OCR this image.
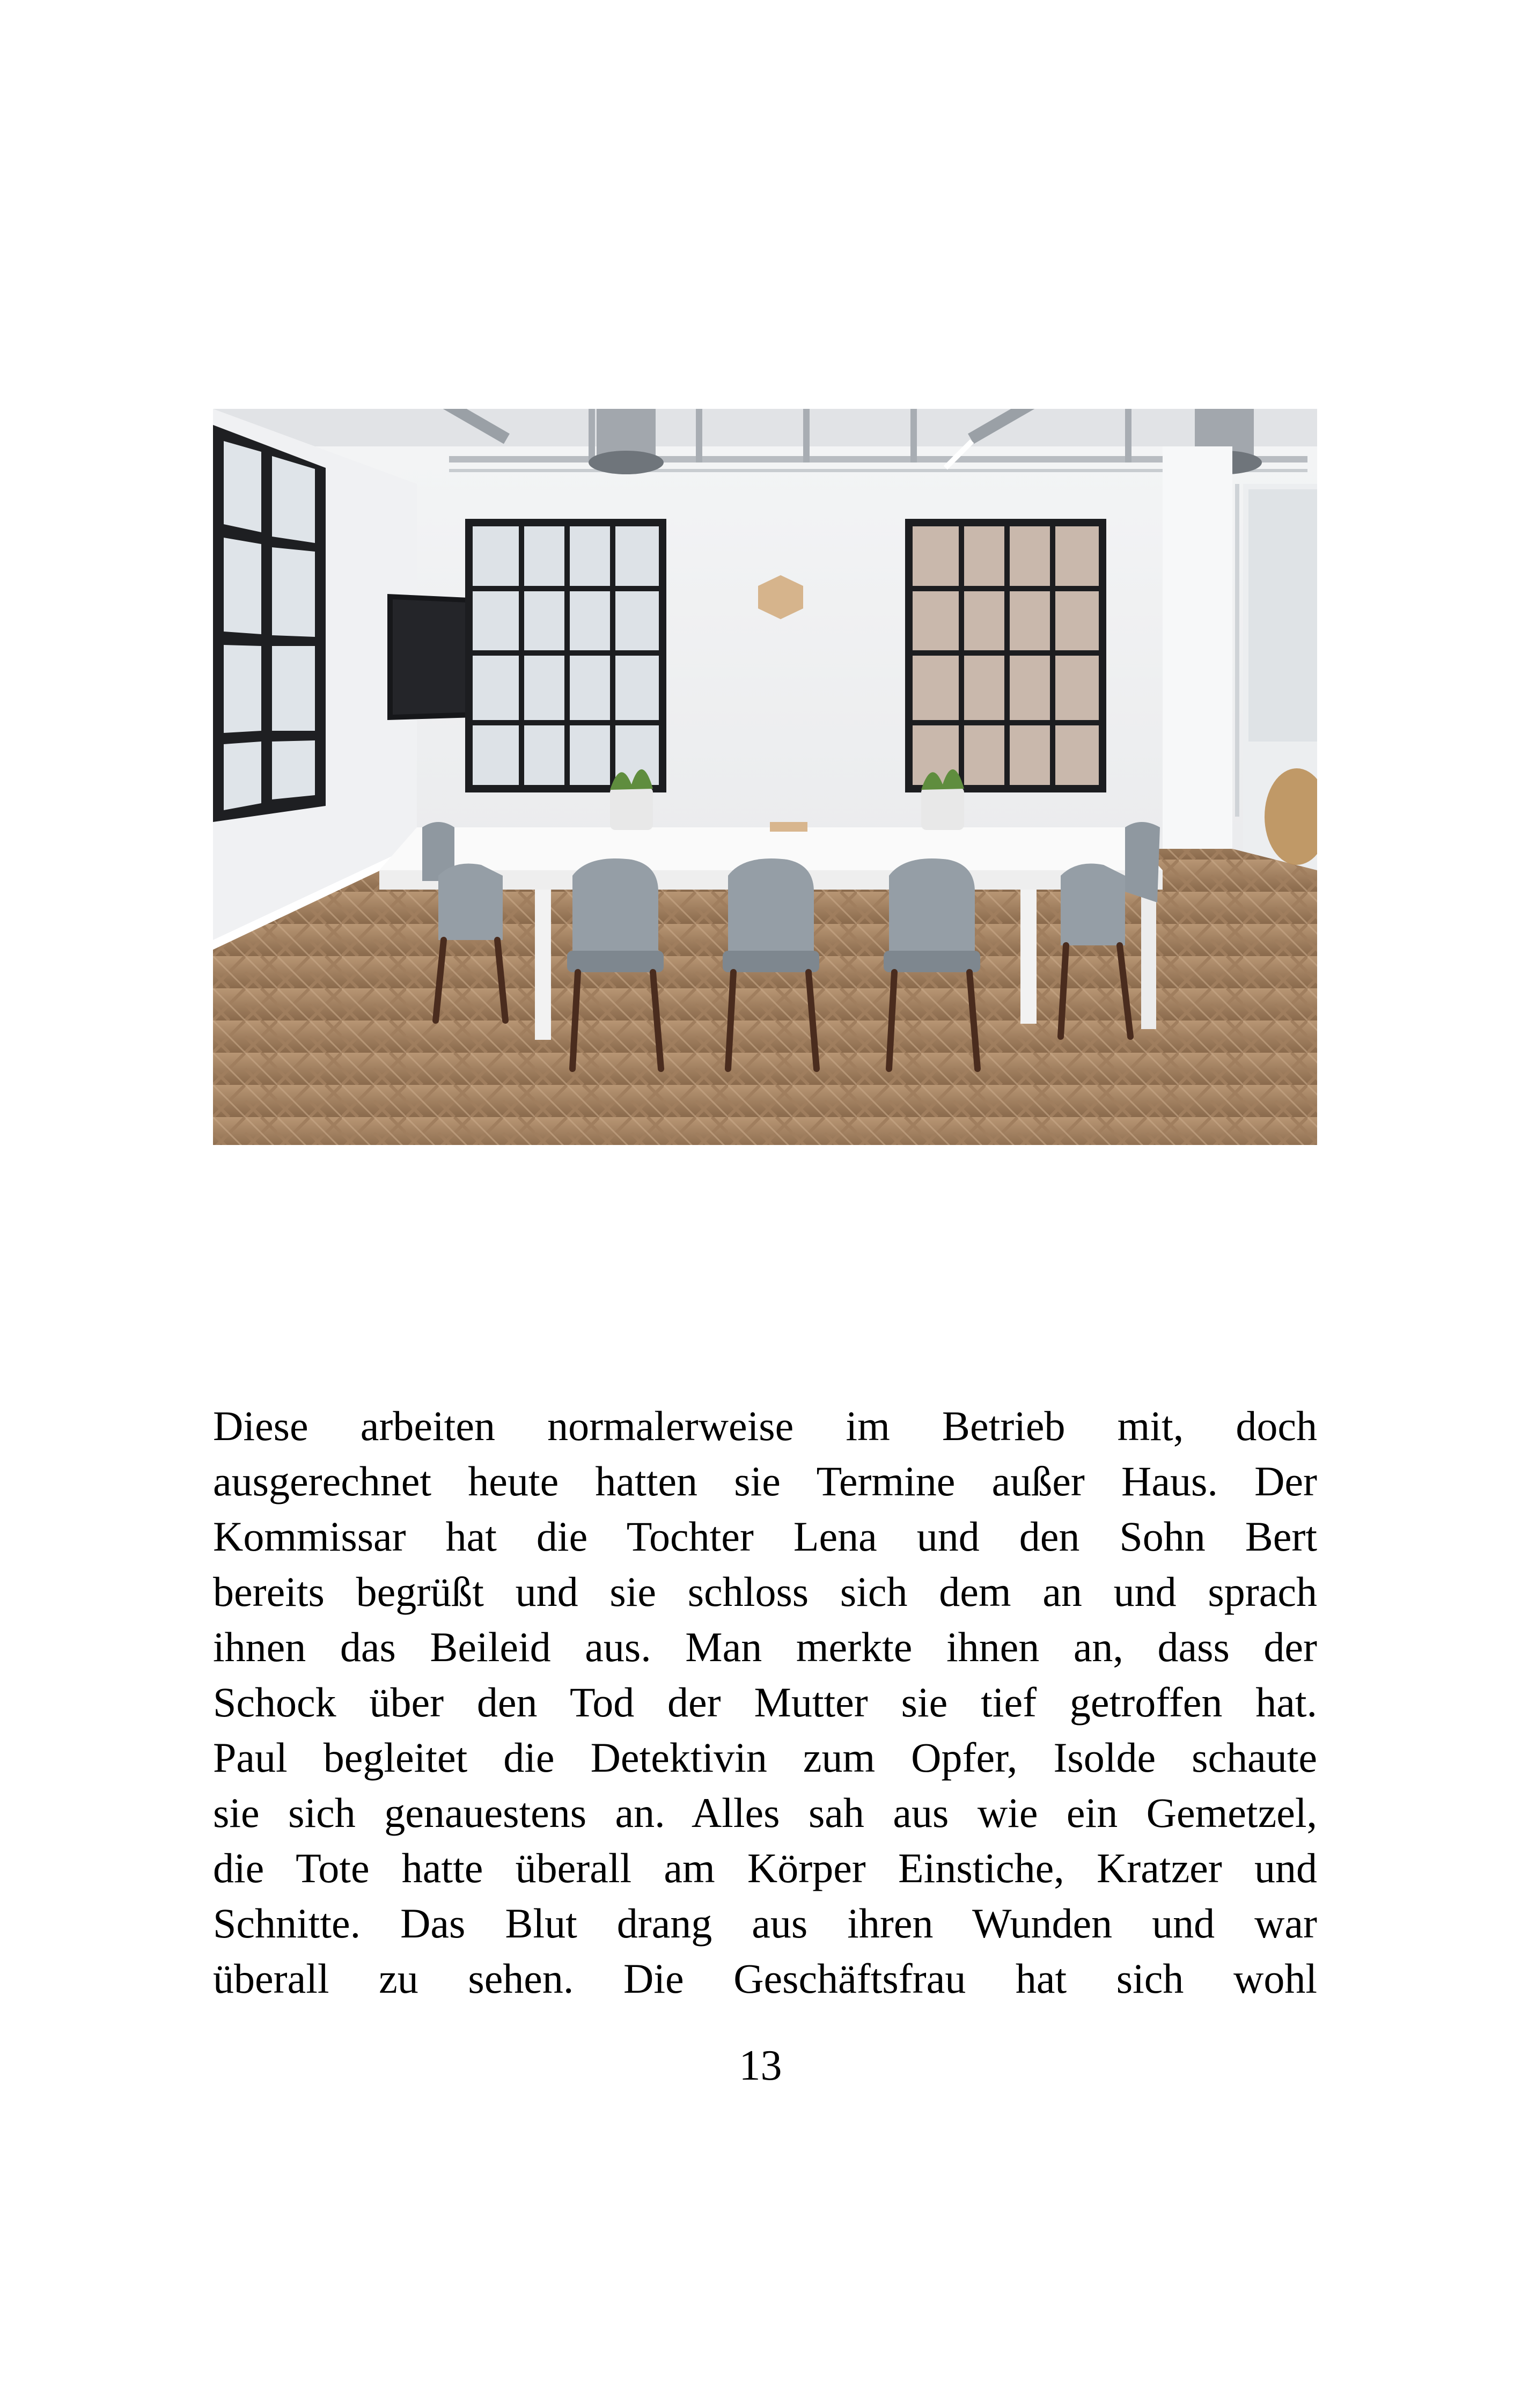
Diese arbeiten normalerweise im Betrieb mit, doch
ausgerechnet heute hatten sie Termine außer Haus. Der
Kommissar hat die Tochter Lena und den Sohn Bert
bereits begrüßt und sie schloss sich dem an und sprach
ihnen das Beileid aus. Man merkte ihnen an, dass der
Schock über den Tod der Mutter sie tief getroffen hat.
Paul begleitet die Detektivin zum Opfer, Isolde schaute
sie sich genauestens an. Alles sah aus wie ein Gemetzel,
die Tote hatte überall am Körper Einstiche, Kratzer und
Schnitte. Das Blut drang aus ihren Wunden und war
überall zu sehen. Die Geschäftsfrau hat sich wohl
13
